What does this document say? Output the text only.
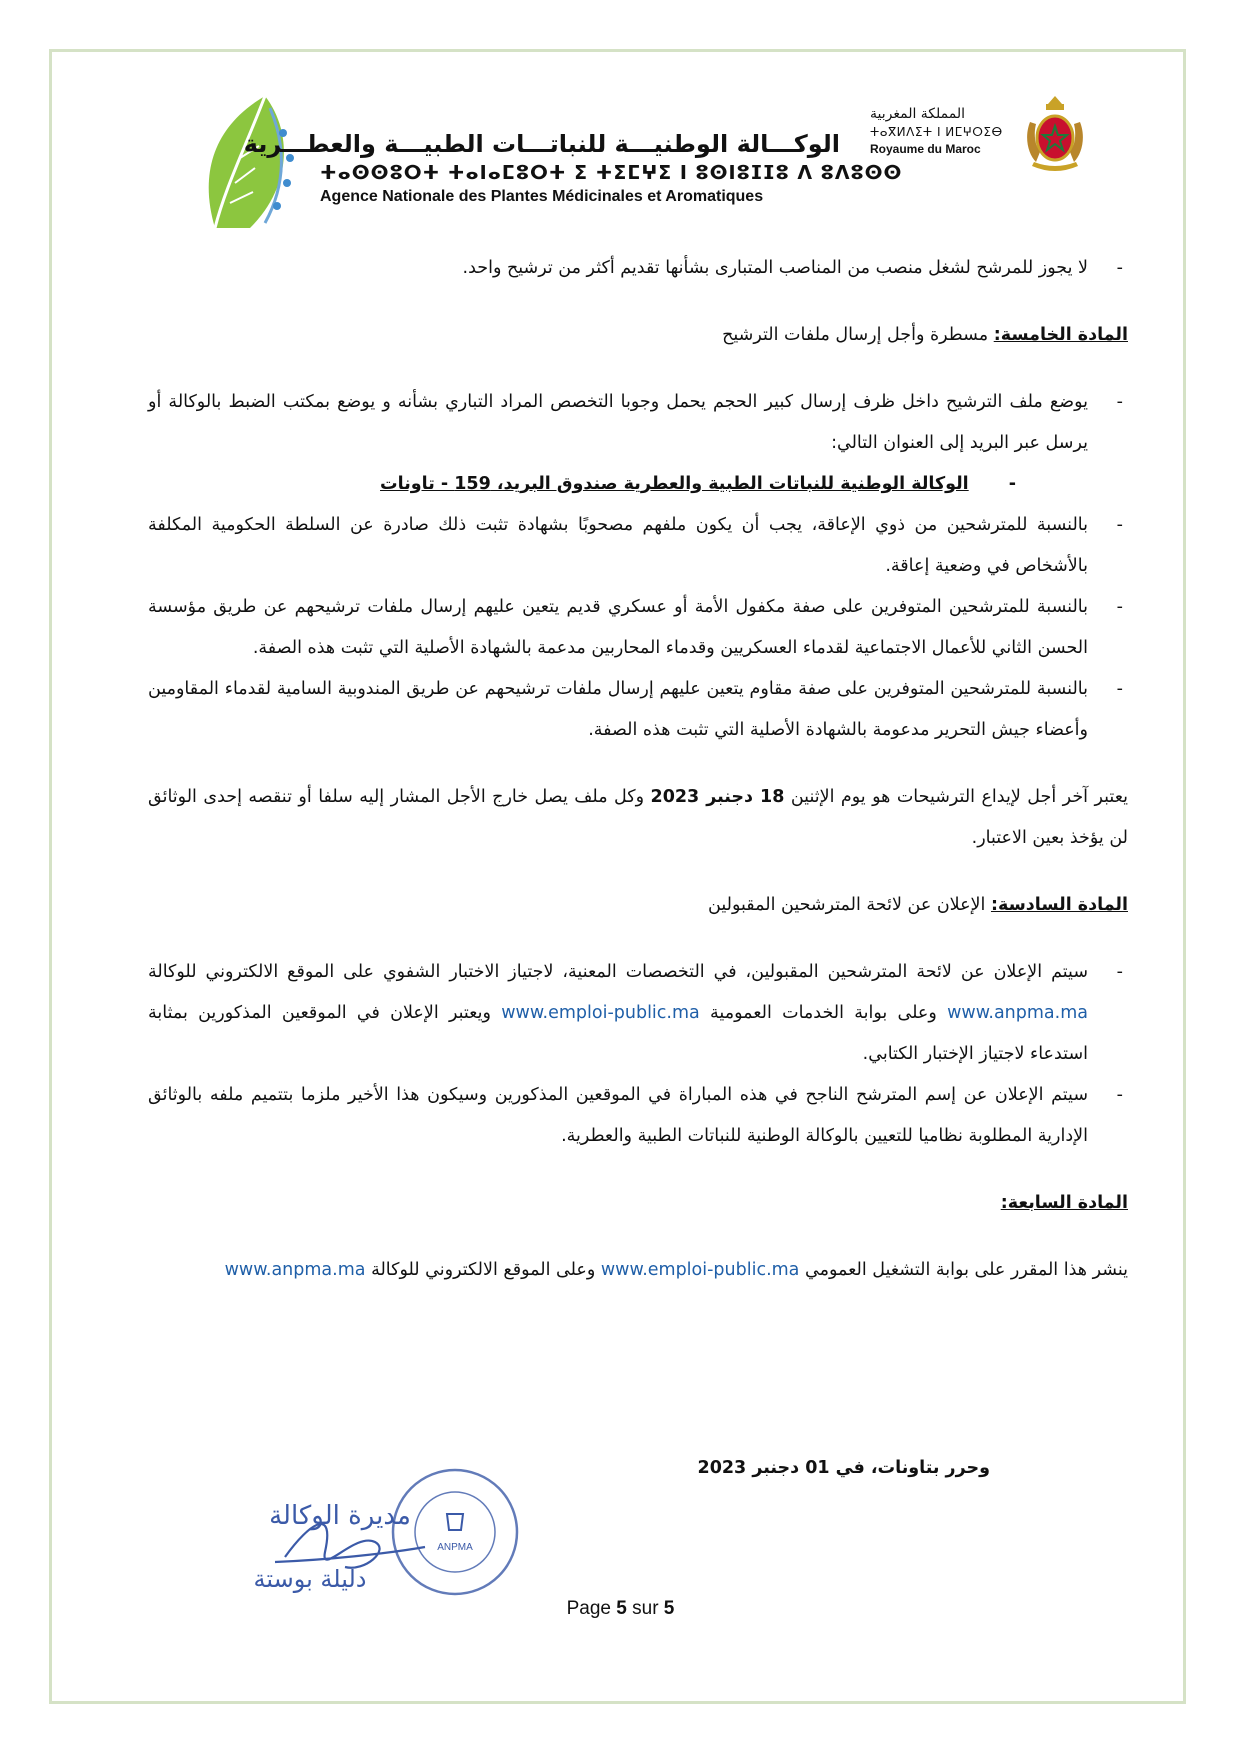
الوكـــالة الوطنيـــة للنباتـــات الطبيـــة والعطـــرية
ⵜⴰⵙⵙⵓⵔⵜ ⵜⴰⵏⴰⵎⵓⵔⵜ ⵉ ⵜⵉⵎⵖⵉ ⵏ ⵓⵙⵏⵓⵊⵊⵓ ⴷ ⵓⴷⵓⵙⵙ
Agence Nationale des Plantes Médicinales et Aromatiques
المملكة المغربية
ⵜⴰⴳⵍⴷⵉⵜ ⵏ ⵍⵎⵖⵔⵉⴱ
Royaume du Maroc

- لا يجوز للمرشح لشغل منصب من المناصب المتبارى بشأنها تقديم أكثر من ترشيح واحد.

المادة الخامسة: مسطرة وأجل إرسال ملفات الترشيح

- يوضع ملف الترشيح داخل ظرف إرسال كبير الحجم يحمل وجوبا التخصص المراد التباري بشأنه و يوضع بمكتب الضبط بالوكالة أو يرسل عبر البريد إلى العنوان التالي:

-الوكالة الوطنية للنباتات الطبية والعطرية صندوق البريد، 159 - تاونات

- بالنسبة للمترشحين من ذوي الإعاقة، يجب أن يكون ملفهم مصحوبًا بشهادة تثبت ذلك صادرة عن السلطة الحكومية المكلفة بالأشخاص في وضعية إعاقة.

- بالنسبة للمترشحين المتوفرين على صفة مكفول الأمة أو عسكري قديم يتعين عليهم إرسال ملفات ترشيحهم عن طريق مؤسسة الحسن الثاني للأعمال الاجتماعية لقدماء العسكريين وقدماء المحاربين مدعمة بالشهادة الأصلية التي تثبت هذه الصفة.

- بالنسبة للمترشحين المتوفرين على صفة مقاوم يتعين عليهم إرسال ملفات ترشيحهم عن طريق المندوبية السامية لقدماء المقاومين وأعضاء جيش التحرير مدعومة بالشهادة الأصلية التي تثبت هذه الصفة.

يعتبر آخر أجل لإيداع الترشيحات هو يوم الإثنين 18 دجنبر 2023 وكل ملف يصل خارج الأجل المشار إليه سلفا أو تنقصه إحدى الوثائق لن يؤخذ بعين الاعتبار.

المادة السادسة: الإعلان عن لائحة المترشحين المقبولين

- سيتم الإعلان عن لائحة المترشحين المقبولين، في التخصصات المعنية، لاجتياز الاختبار الشفوي على الموقع الالكتروني للوكالة www.anpma.ma وعلى بوابة الخدمات العمومية www.emploi-public.ma ويعتبر الإعلان في الموقعين المذكورين بمثابة استدعاء لاجتياز الإختبار الكتابي.

- سيتم الإعلان عن إسم المترشح الناجح في هذه المباراة في الموقعين المذكورين وسيكون هذا الأخير ملزما بتتميم ملفه بالوثائق الإدارية المطلوبة نظاميا للتعيين بالوكالة الوطنية للنباتات الطبية والعطرية.

المادة السابعة:

ينشر هذا المقرر على بوابة التشغيل العمومي www.emploi-public.ma وعلى الموقع الالكتروني للوكالة www.anpma.ma

وحرر بتاونات، في 01 دجنبر 2023
ANPMA
مديرة الوكالة
دليلة بوستة
Page 5 sur 5
